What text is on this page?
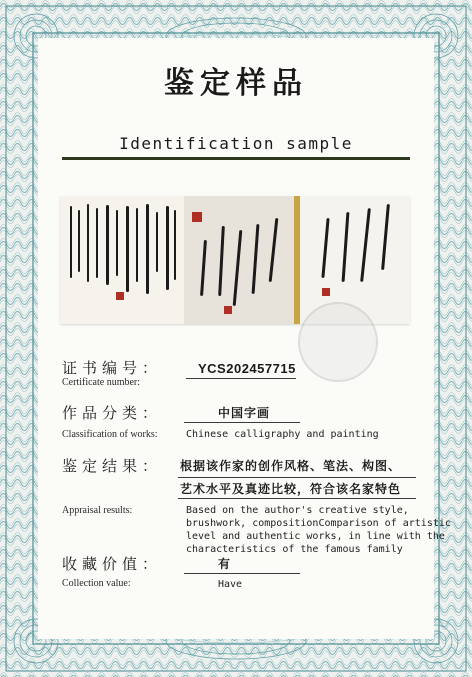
鉴定样品
Identification sample
证书编号：	YCS202457715
Certificate number:
作品分类：	中国字画
Classification of works:	Chinese calligraphy and painting
鉴定结果： 根据该作家的创作风格、笔法、构图、
艺术水平及真迹比较，符合该名家特色
Appraisal results:	Based on the author's creative style,
brushwork, compositionComparison of artistic
level and authentic works, in line with the
characteristics of the famous family
收藏价值：	有
Collection value:	Have
